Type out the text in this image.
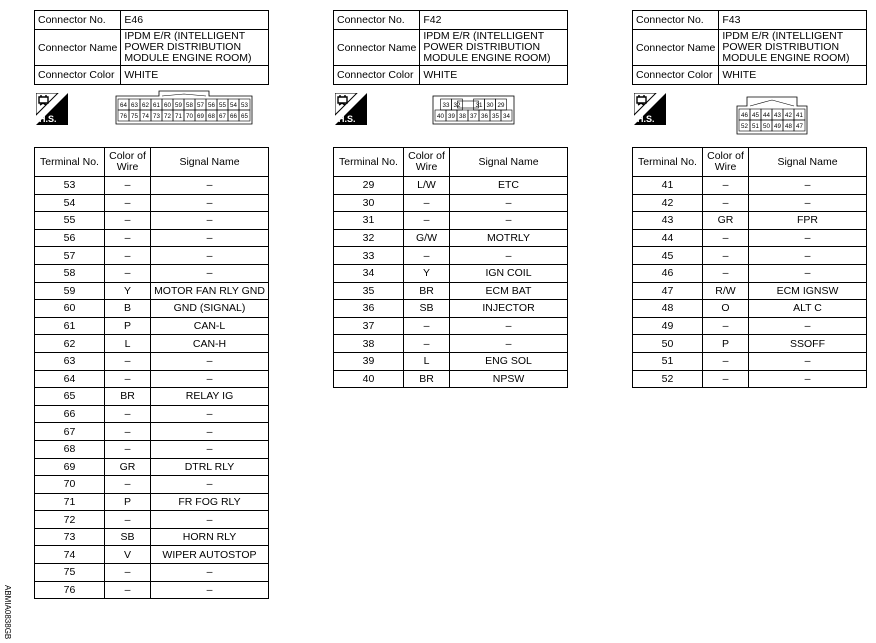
Connector No.	E46
Connector Name	IPDM E/R (INTELLIGENT POWER DISTRIBUTION MODULE ENGINE ROOM)
Connector Color	WHITE
H.S.
64 63 62 61 60 59 58 57 56 55 54 53
76 75 74 73 72 71 70 69 68 67 66 65
Terminal No.	Color of Wire	Signal Name
53	–	–
54	–	–
55	–	–
56	–	–
57	–	–
58	–	–
59	Y	MOTOR FAN RLY GND
60	B	GND (SIGNAL)
61	P	CAN-L
62	L	CAN-H
63	–	–
64	–	–
65	BR	RELAY IG
66	–	–
67	–	–
68	–	–
69	GR	DTRL RLY
70	–	–
71	P	FR FOG RLY
72	–	–
73	SB	HORN RLY
74	V	WIPER AUTOSTOP
75	–	–
76	–	–
Connector No.	F42
Connector Name	IPDM E/R (INTELLIGENT POWER DISTRIBUTION MODULE ENGINE ROOM)
Connector Color	WHITE
H.S.
33 32 31 30 29
40 39 38 37 36 35 34
Terminal No.	Color of Wire	Signal Name
29	L/W	ETC
30	–	–
31	–	–
32	G/W	MOTRLY
33	–	–
34	Y	IGN COIL
35	BR	ECM BAT
36	SB	INJECTOR
37	–	–
38	–	–
39	L	ENG SOL
40	BR	NPSW
Connector No.	F43
Connector Name	IPDM E/R (INTELLIGENT POWER DISTRIBUTION MODULE ENGINE ROOM)
Connector Color	WHITE
H.S.	46 45 44 43 42 41
52 51 50 49 48 47
Terminal No.	Color of Wire	Signal Name
41	–	–
42	–	–
43	GR	FPR
44	–	–
45	–	–
46	–	–
47	R/W	ECM IGNSW
48	O	ALT C
49	–	–
50	P	SSOFF
51	–	–
52	–	–
ABMIA0838GB
